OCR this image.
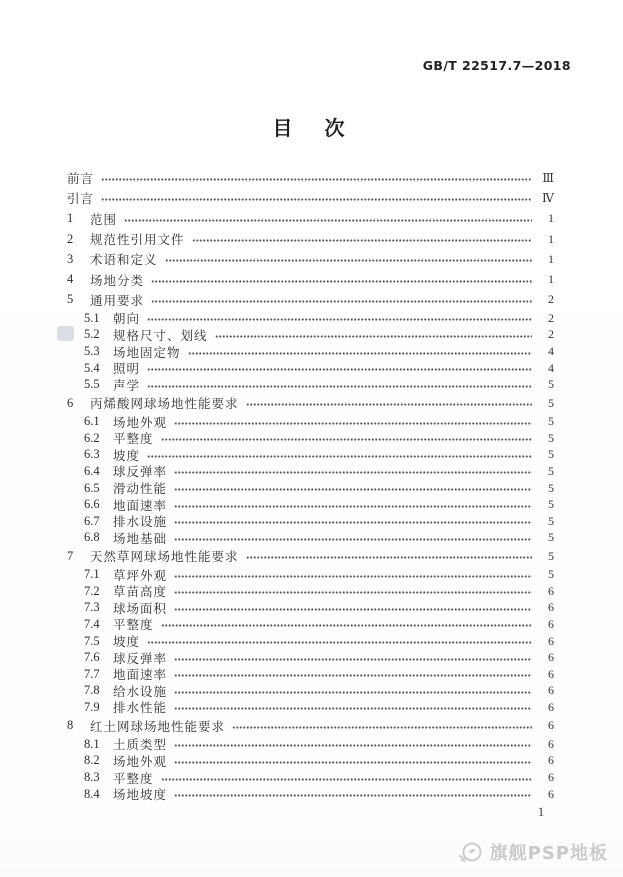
GB/T 22517.7—2018
目　次
前言	Ⅲ
引言	Ⅳ
1	范围	1
2	规范性引用文件	1
3	术语和定义	1
4	场地分类	1
5	通用要求	2
5.1	朝向	2
5.2	规格尺寸、划线	2
5.3	场地固定物	4
5.4	照明	4
5.5	声学	5
6	丙烯酸网球场地性能要求	5
6.1	场地外观	5
6.2	平整度	5
6.3	坡度	5
6.4	球反弹率	5
6.5	滑动性能	5
6.6	地面速率	5
6.7	排水设施	5
6.8	场地基础	5
7	天然草网球场地性能要求	5
7.1	草坪外观	5
7.2	草苗高度	6
7.3	球场面积	6
7.4	平整度	6
7.5	坡度	6
7.6	球反弹率	6
7.7	地面速率	6
7.8	给水设施	6
7.9	排水性能	6
8	红土网球场地性能要求	6
8.1	土质类型	6
8.2	场地外观	6
8.3	平整度	6
8.4	场地坡度	6
1
旗舰PSP地板
